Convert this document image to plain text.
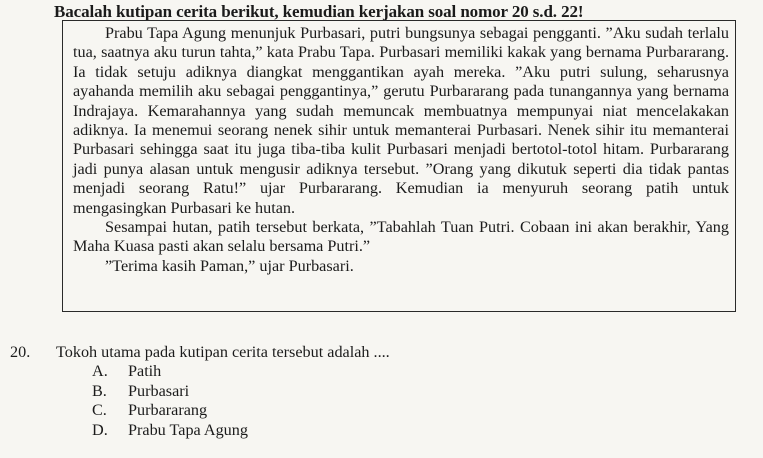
Bacalah kutipan cerita berikut, kemudian kerjakan soal nomor 20 s.d. 22!

Prabu Tapa Agung menunjuk Purbasari, putri bungsunya sebagai pengganti. ”Aku sudah terlalu tua, saatnya aku turun tahta,” kata Prabu Tapa. Purbasari memiliki kakak yang bernama Purbararang. Ia tidak setuju adiknya diangkat menggantikan ayah mereka. ”Aku putri sulung, seharusnya ayahanda memilih aku sebagai penggantinya,” gerutu Purbararang pada tunangannya yang bernama Indrajaya. Kemarahannya yang sudah memuncak membuatnya mempunyai niat mencelakakan adiknya. Ia menemui seorang nenek sihir untuk memanterai Purbasari. Nenek sihir itu memanterai Purbasari sehingga saat itu juga tiba-tiba kulit Purbasari menjadi bertotol-totol hitam. Purbararang jadi punya alasan untuk mengusir adiknya tersebut. ”Orang yang dikutuk seperti dia tidak pantas menjadi seorang Ratu!” ujar Purbararang. Kemudian ia menyuruh seorang patih untuk mengasingkan Purbasari ke hutan.

Sesampai hutan, patih tersebut berkata, ”Tabahlah Tuan Putri. Cobaan ini akan berakhir, Yang Maha Kuasa pasti akan selalu bersama Putri.”

”Terima kasih Paman,” ujar Purbasari.

20. Tokoh utama pada kutipan cerita tersebut adalah ....
A. Patih
B. Purbasari
C. Purbararang
D. Prabu Tapa Agung
